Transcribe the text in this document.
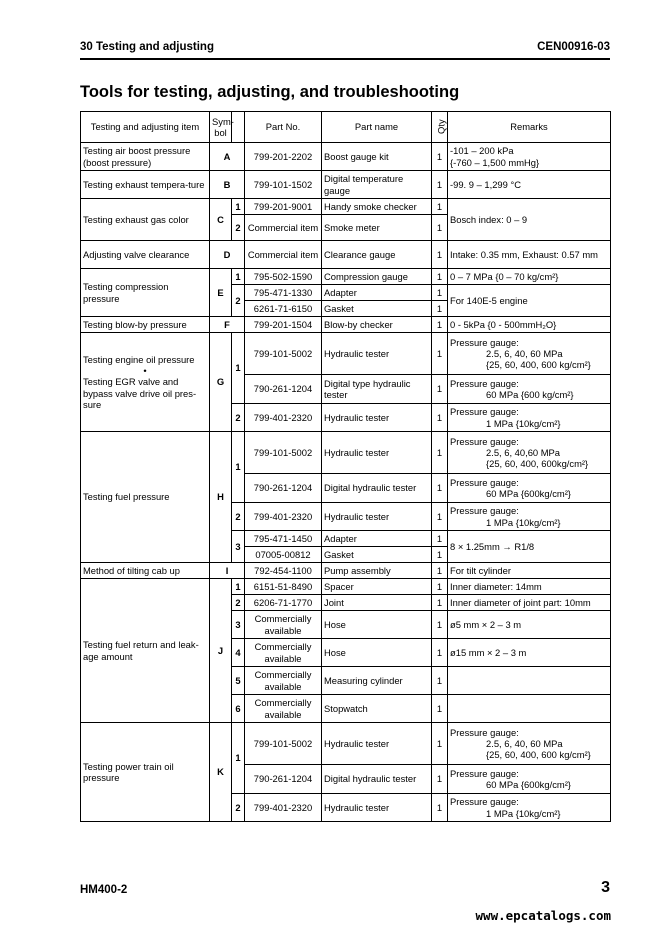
30 Testing and adjusting	CEN00916-03
Tools for testing, adjusting, and troubleshooting
Testing and adjusting item	Sym-bol		Part No.	Part name	Qty	Remarks
Testing air boost pressure (boost pressure)	A		799-201-2202	Boost gauge kit	1	-101 – 200 kPa
{-760 – 1,500 mmHg}

Testing exhaust tempera-ture	B		799-101-1502	Digital temperature gauge	1	-99. 9 – 1,299 °C
Testing exhaust gas color	C	1	799-201-9001	Handy smoke checker	1	Bosch index: 0 – 9
		2	Commercial item	Smoke meter	1	
Adjusting valve clearance	D		Commercial item	Clearance gauge	1	Intake: 0.35 mm, Exhaust: 0.57 mm
Testing compression pressure	E	1	795-502-1590	Compression gauge	1	0 – 7 MPa {0 – 70 kg/cm²}
		2	795-471-1330	Adapter	1	For 140E-5 engine
			6261-71-6150	Gasket	1	
Testing blow-by pressure	F		799-201-1504	Blow-by checker	1	0 - 5kPa {0 - 500mmH₂O}

Testing engine oil pressure
•
Testing EGR valve and bypass valve drive oil pres-sure	G	1	799-101-5002	Hydraulic tester	1	Pressure gauge:
2.5, 6, 40, 60 MPa
{25, 60, 400, 600 kg/cm²}

			790-261-1204	Digital type hydraulic tester	1	Pressure gauge:
60 MPa {600 kg/cm²}

		2	799-401-2320	Hydraulic tester	1	Pressure gauge:
1 MPa {10kg/cm²}

Testing fuel pressure	H	1	799-101-5002	Hydraulic tester	1	Pressure gauge:
2.5, 6, 40,60 MPa
{25, 60, 400, 600kg/cm²}

			790-261-1204	Digital hydraulic tester	1	Pressure gauge:
60 MPa {600kg/cm²}

		2	799-401-2320	Hydraulic tester	1	Pressure gauge:
1 MPa {10kg/cm²}

		3	795-471-1450	Adapter	1	8 × 1.25mm → R1/8
			07005-00812	Gasket	1	
Method of tilting cab up	I		792-454-1100	Pump assembly	1	For tilt cylinder
Testing fuel return and leak-age amount	J	1	6151-51-8490	Spacer	1	Inner diameter: 14mm
		2	6206-71-1770	Joint	1	Inner diameter of joint part: 10mm
		3	Commercially available	Hose	1	ø5 mm × 2 – 3 m
		4	Commercially available	Hose	1	ø15 mm × 2 – 3 m
		5	Commercially available	Measuring cylinder	1	
		6	Commercially available	Stopwatch	1	
Testing power train oil pressure	K	1	799-101-5002	Hydraulic tester	1	Pressure gauge:
2.5, 6, 40, 60 MPa
{25, 60, 400, 600 kg/cm²}

			790-261-1204	Digital hydraulic tester	1	Pressure gauge:
60 MPa {600kg/cm²}

		2	799-401-2320	Hydraulic tester	1	Pressure gauge:
1 MPa {10kg/cm²}
HM400-2	3
www.epcatalogs.com
